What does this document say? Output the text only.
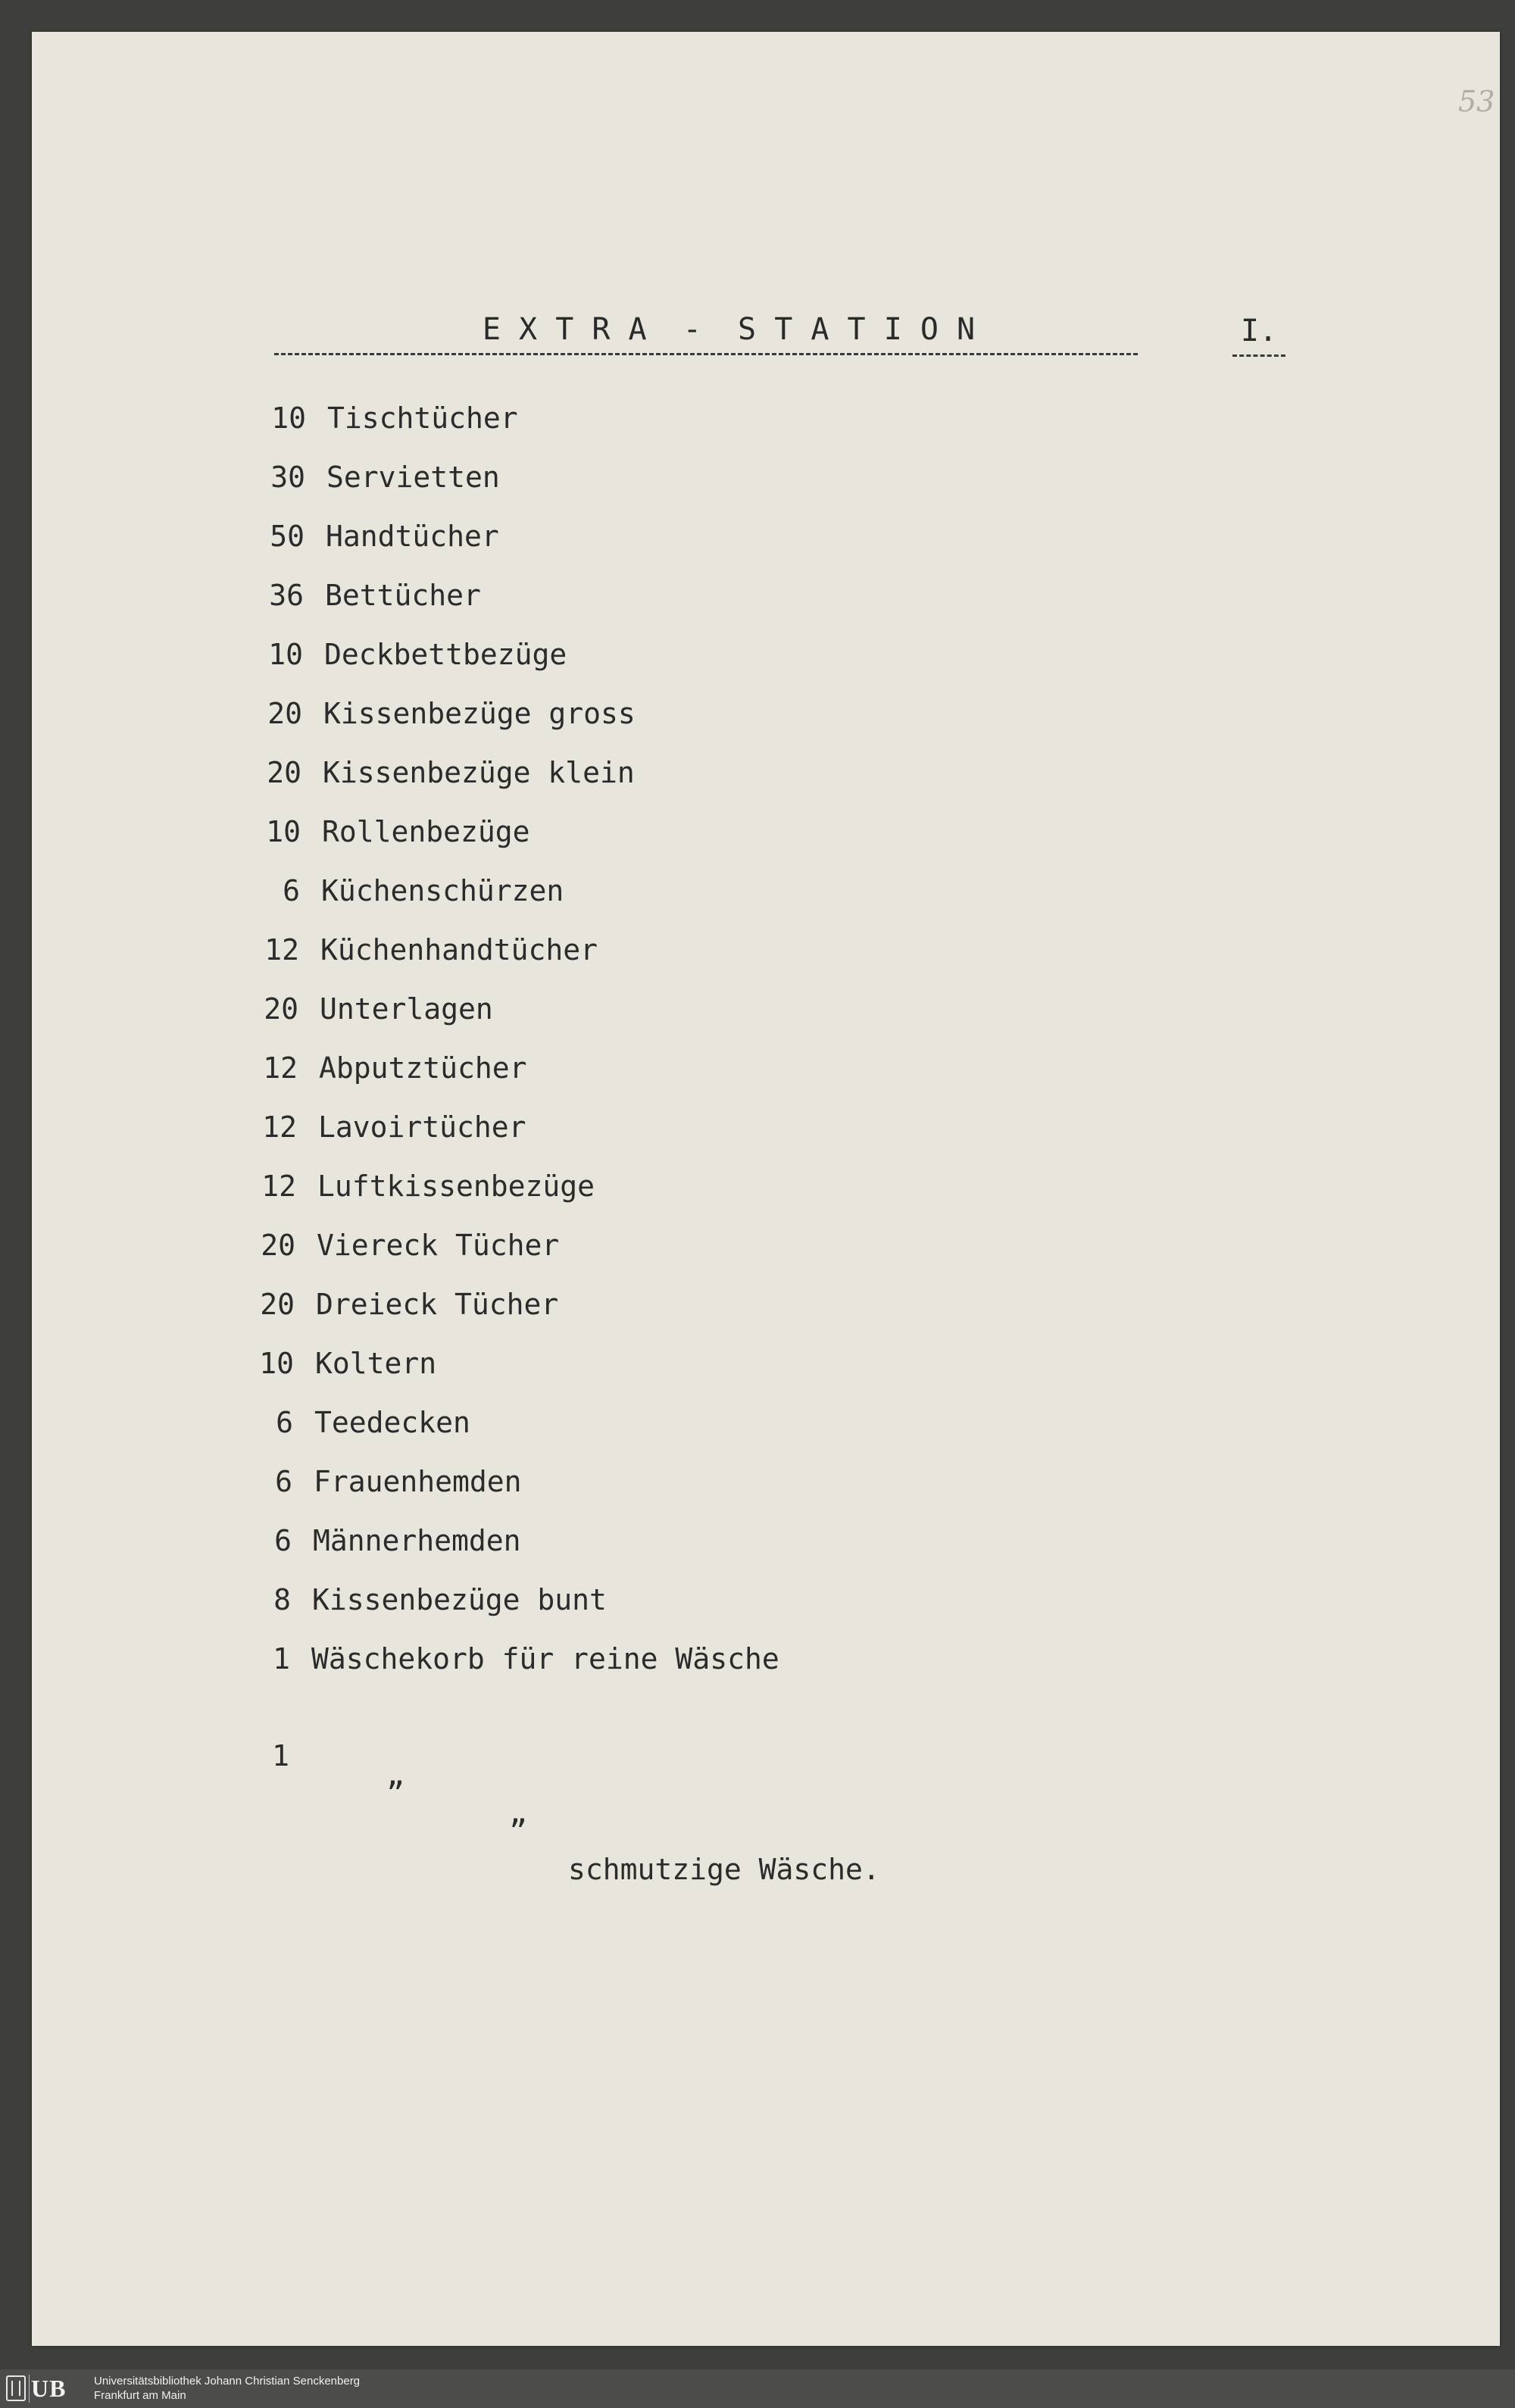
53
E X T R A  -  S T A T I O N	I.
10 Tischtücher
30 Servietten
50 Handtücher
36 Bettücher
10 Deckbettbezüge
20 Kissenbezüge gross
20 Kissenbezüge klein
10 Rollenbezüge
6 Küchenschürzen
12 Küchenhandtücher
20 Unterlagen
12 Abputztücher
12 Lavoirtücher
12 Luftkissenbezüge
20 Viereck Tücher
20 Dreieck Tücher
10 Koltern
6 Teedecken
6 Frauenhemden
6 Männerhemden
8 Kissenbezüge bunt
1 Wäschekorb für reine Wäsche

1

”

”

schmutzige Wäsche.

UB Universitätsbibliothek Johann Christian Senckenberg
Frankfurt am Main
